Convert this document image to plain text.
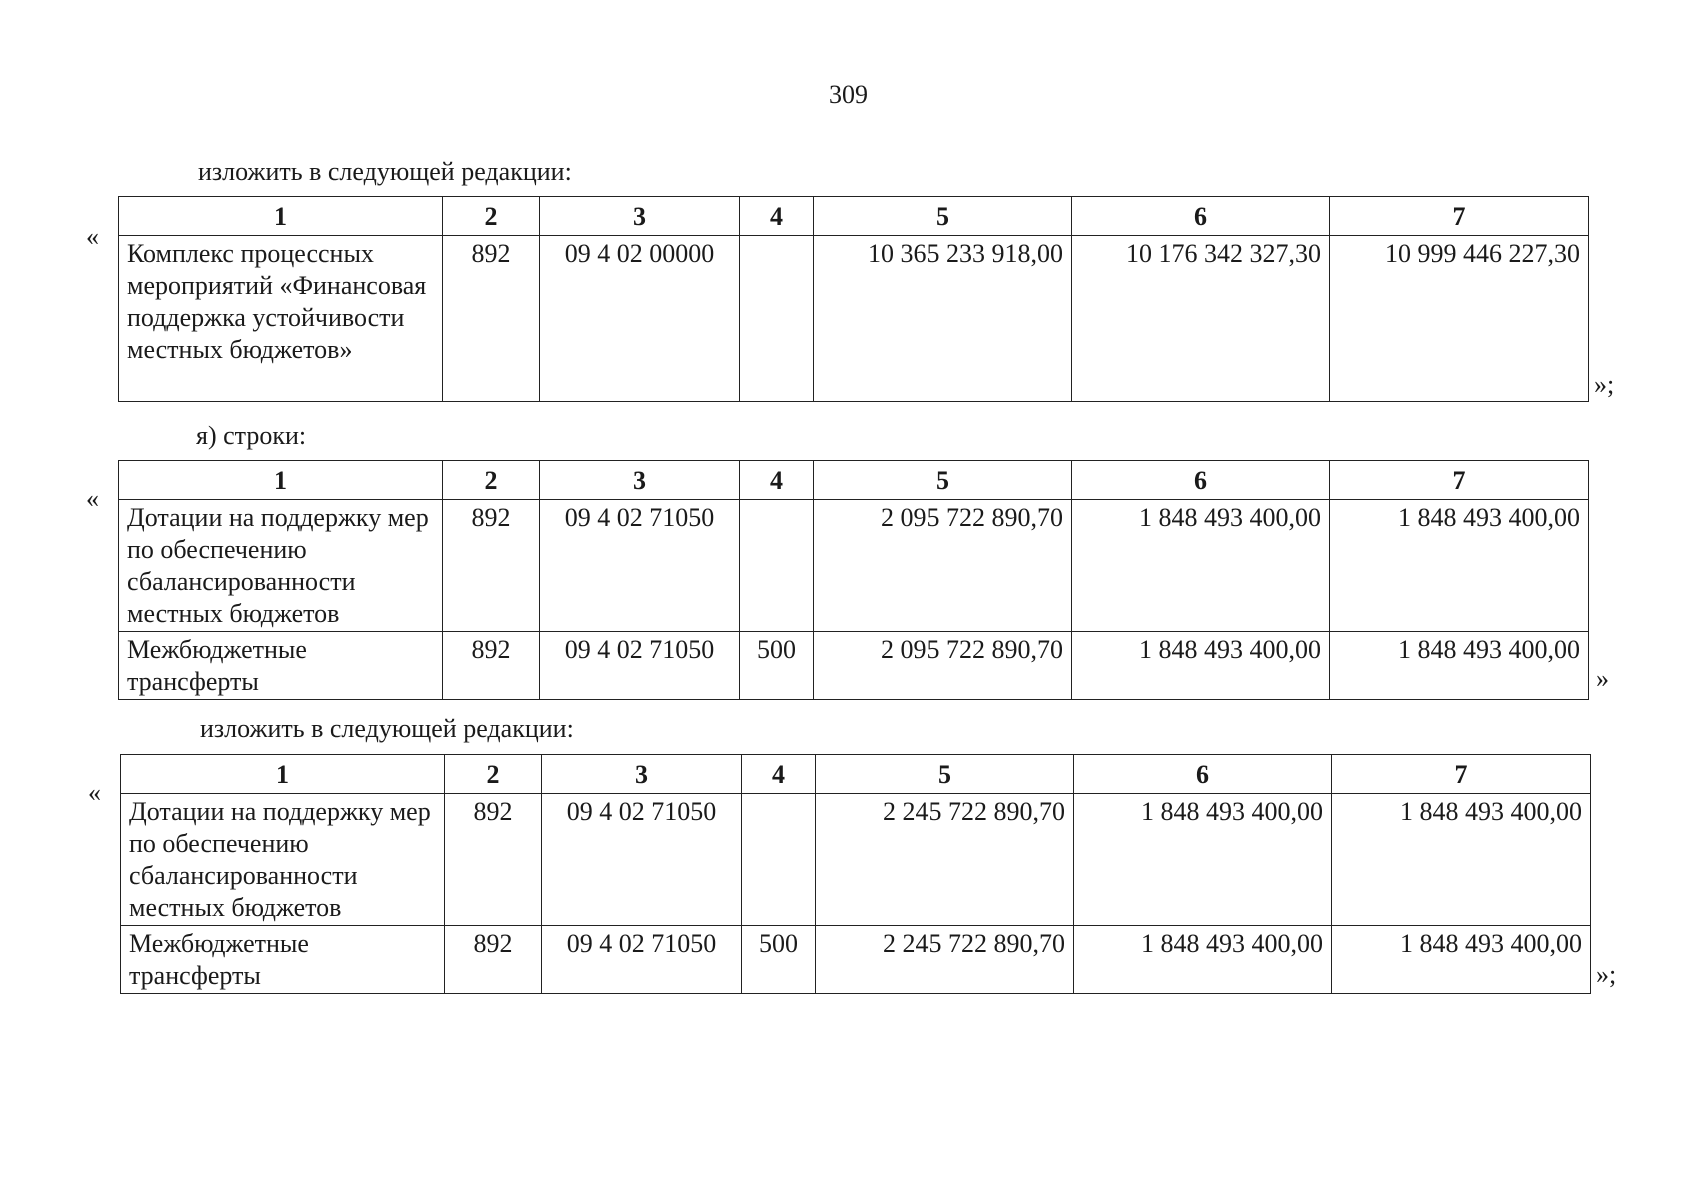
309
изложить в следующей редакции:
«
1	2	3	4	5	6	7
Комплекс процессных мероприятий «Финансовая поддержка устойчивости местных бюджетов»	892	09 4 02 00000		10 365 233 918,00	10 176 342 327,30	10 999 446 227,30
»;
я) строки:
«
1	2	3	4	5	6	7
Дотации на поддержку мер по обеспечению сбалансированности местных бюджетов	892	09 4 02 71050		2 095 722 890,70	1 848 493 400,00	1 848 493 400,00
Межбюджетные трансферты	892	09 4 02 71050	500	2 095 722 890,70	1 848 493 400,00	1 848 493 400,00
»
изложить в следующей редакции:
«
1	2	3	4	5	6	7
Дотации на поддержку мер по обеспечению сбалансированности местных бюджетов	892	09 4 02 71050		2 245 722 890,70	1 848 493 400,00	1 848 493 400,00
Межбюджетные трансферты	892	09 4 02 71050	500	2 245 722 890,70	1 848 493 400,00	1 848 493 400,00
»;
